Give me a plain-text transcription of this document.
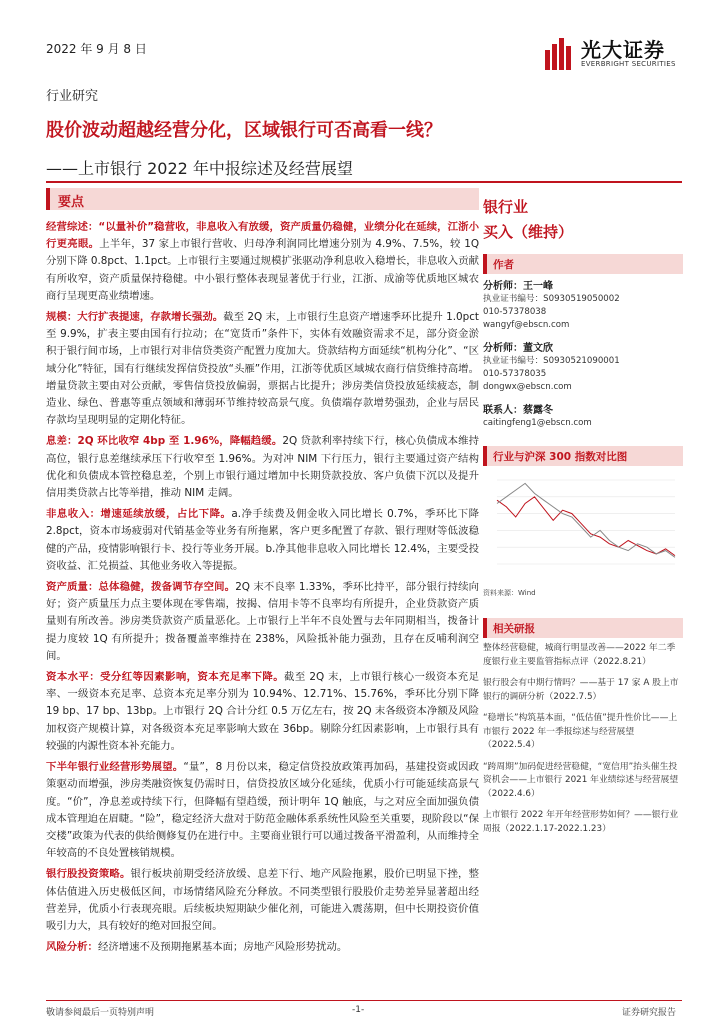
2022 年 9 月 8 日	光大证券
EVERBRIGHT SECURITIES
行业研究
股价波动超越经营分化，区域银行可否高看一线？
——上市银行 2022 年中报综述及经营展望
要点

经营综述：“以量补价”稳营收，非息收入有放缓，资产质量仍稳健，业绩分化在延续，江浙小行更亮眼。上半年，37 家上市银行营收、归母净利润同比增速分别为 4.9%、7.5%，较 1Q 分别下降 0.8pct、1.1pct。上市银行主要通过规模扩张驱动净利息收入稳增长，非息收入贡献有所收窄，资产质量保持稳健。中小银行整体表现显著优于行业，江浙、成渝等优质地区城农商行呈现更高业绩增速。

规模：大行扩表提速，存款增长强劲。截至 2Q 末，上市银行生息资产增速季环比提升 1.0pct 至 9.9%，扩表主要由国有行拉动；在“宽货币”条件下，实体有效融资需求不足，部分资金淤积于银行间市场，上市银行对非信贷类资产配置力度加大。贷款结构方面延续“机构分化”、“区域分化”特征，国有行继续发挥信贷投放“头雁”作用，江浙等优质区域城农商行信贷维持高增。增量贷款主要由对公贡献，零售信贷投放偏弱，票据占比提升；涉房类信贷投放延续疲态，制造业、绿色、普惠等重点领域和薄弱环节维持较高景气度。负债端存款增势强劲，企业与居民存款均呈现明显的定期化特征。

息差：2Q 环比收窄 4bp 至 1.96%，降幅趋缓。2Q 贷款利率持续下行，核心负债成本维持高位，银行息差继续承压下行收窄至 1.96%。为对冲 NIM 下行压力，银行主要通过资产结构优化和负债成本管控稳息差，个别上市银行通过增加中长期贷款投放、客户负债下沉以及提升信用类贷款占比等举措，推动 NIM 走阔。

非息收入：增速延续放缓，占比下降。a.净手续费及佣金收入同比增长 0.7%，季环比下降 2.8pct，资本市场疲弱对代销基金等业务有所拖累，客户更多配置了存款、银行理财等低波稳健的产品，疫情影响银行卡、投行等业务开展。b.净其他非息收入同比增长 12.4%，主要受投资收益、汇兑损益、其他业务收入等提振。

资产质量：总体稳健，拨备调节存空间。2Q 末不良率 1.33%，季环比持平，部分银行持续向好；资产质量压力点主要体现在零售端，按揭、信用卡等不良率均有所提升，企业贷款资产质量则有所改善。涉房类贷款资产质量恶化。上市银行上半年不良处置与去年同期相当，拨备计提力度较 1Q 有所提升；拨备覆盖率维持在 238%，风险抵补能力强劲，且存在反哺利润空间。

资本水平：受分红等因素影响，资本充足率下降。截至 2Q 末，上市银行核心一级资本充足率、一级资本充足率、总资本充足率分别为 10.94%、12.71%、15.76%，季环比分别下降 19 bp、17 bp、13bp。上市银行 2Q 合计分红 0.5 万亿左右，按 2Q 末各级资本净额及风险加权资产规模计算，对各级资本充足率影响大致在 36bp。剔除分红因素影响，上市银行具有较强的内源性资本补充能力。

下半年银行业经营形势展望。“量”，8 月份以来，稳定信贷投放政策再加码，基建投资或因政策驱动而增强，涉房类融资恢复仍需时日，信贷投放区域分化延续，优质小行可能延续高景气度。“价”，净息差或持续下行，但降幅有望趋缓，预计明年 1Q 触底，与之对应全面加强负债成本管理迫在眉睫。“险”，稳定经济大盘对于防范金融体系系统性风险至关重要，现阶段以“保交楼”政策为代表的供给侧修复仍在进行中。主要商业银行可以通过拨备平滑盈利，从而维持全年较高的不良处置核销规模。

银行股投资策略。银行板块前期受经济放缓、息差下行、地产风险拖累，股价已明显下挫，整体估值进入历史极低区间，市场情绪风险充分释放。不同类型银行股股价走势差异显著超出经营差异，优质小行表现亮眼。后续板块短期缺少催化剂，可能进入震荡期，但中长期投资价值吸引力大，具有较好的绝对回报空间。

风险分析：经济增速不及预期拖累基本面；房地产风险形势扰动。

银行业
买入（维持）
作者
分析师：王一峰
执业证书编号：S0930519050002
010-57378038
wangyf@ebscn.com
分析师：董文欣
执业证书编号：S0930521090001
010-57378035
dongwx@ebscn.com
联系人：蔡露冬
caitingfeng1@ebscn.com
行业与沪深 300 指数对比图
资料来源：Wind
相关研报
整体经营稳健，城商行明显改善——2022 年二季度银行业主要监管指标点评（2022.8.21）
银行股会有中期行情吗？——基于 17 家 A 股上市银行的调研分析（2022.7.5）
“稳增长”构筑基本面，“低估值”提升性价比——上市银行 2022 年一季报综述与经营展望（2022.5.4）
“跨周期”加码促进经营稳健，“宽信用”抬头催生投资机会——上市银行 2021 年业绩综述与经营展望（2022.4.6）
上市银行 2022 年开年经营形势如何？——银行业周报（2022.1.17-2022.1.23）
敬请参阅最后一页特别声明	-1-	证券研究报告
